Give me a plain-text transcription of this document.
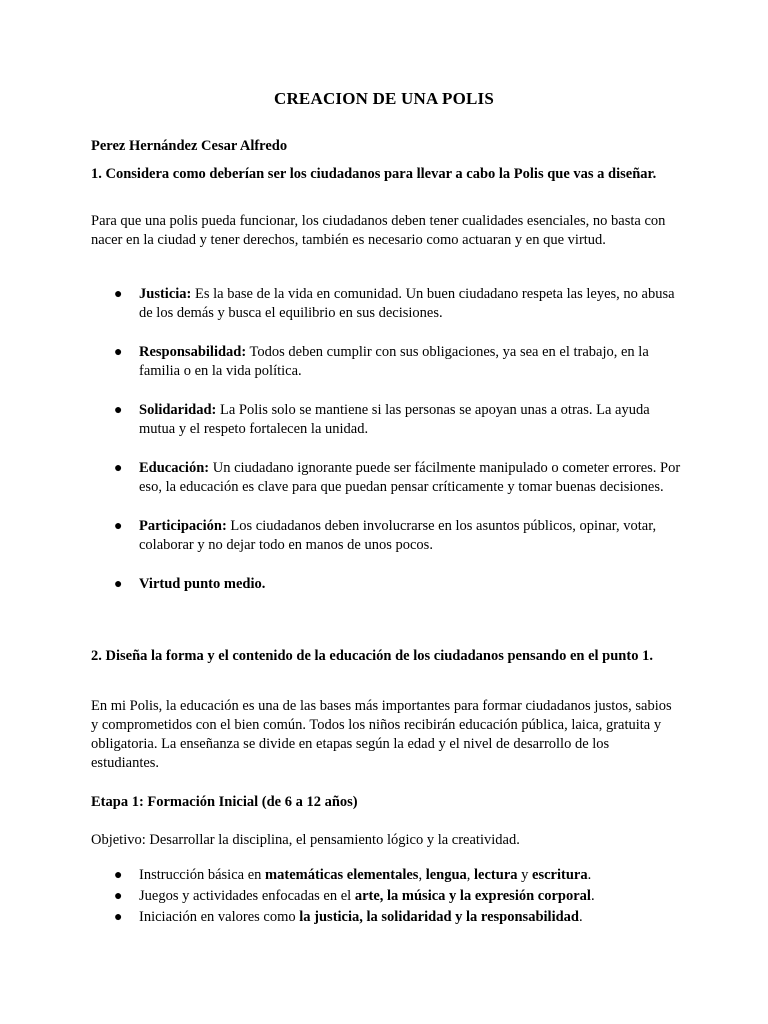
CREACION DE UNA POLIS
Perez Hernández Cesar Alfredo
1. Considera como deberían ser los ciudadanos para llevar a cabo la Polis que vas a diseñar.
Para que una polis pueda funcionar, los ciudadanos deben tener cualidades esenciales, no basta con nacer en la ciudad y tener derechos, también es necesario como actuaran y en que virtud.
● Justicia: Es la base de la vida en comunidad. Un buen ciudadano respeta las leyes, no abusa de los demás y busca el equilibrio en sus decisiones.
● Responsabilidad: Todos deben cumplir con sus obligaciones, ya sea en el trabajo, en la familia o en la vida política.
● Solidaridad: La Polis solo se mantiene si las personas se apoyan unas a otras. La ayuda mutua y el respeto fortalecen la unidad.
● Educación: Un ciudadano ignorante puede ser fácilmente manipulado o cometer errores. Por eso, la educación es clave para que puedan pensar críticamente y tomar buenas decisiones.
● Participación: Los ciudadanos deben involucrarse en los asuntos públicos, opinar, votar, colaborar y no dejar todo en manos de unos pocos.
● Virtud punto medio.
2. Diseña la forma y el contenido de la educación de los ciudadanos pensando en el punto 1.
En mi Polis, la educación es una de las bases más importantes para formar ciudadanos justos, sabios y comprometidos con el bien común. Todos los niños recibirán educación pública, laica, gratuita y obligatoria. La enseñanza se divide en etapas según la edad y el nivel de desarrollo de los estudiantes.
Etapa 1: Formación Inicial (de 6 a 12 años)
Objetivo: Desarrollar la disciplina, el pensamiento lógico y la creatividad.
● Instrucción básica en matemáticas elementales, lengua, lectura y escritura.
● Juegos y actividades enfocadas en el arte, la música y la expresión corporal.
● Iniciación en valores como la justicia, la solidaridad y la responsabilidad.
